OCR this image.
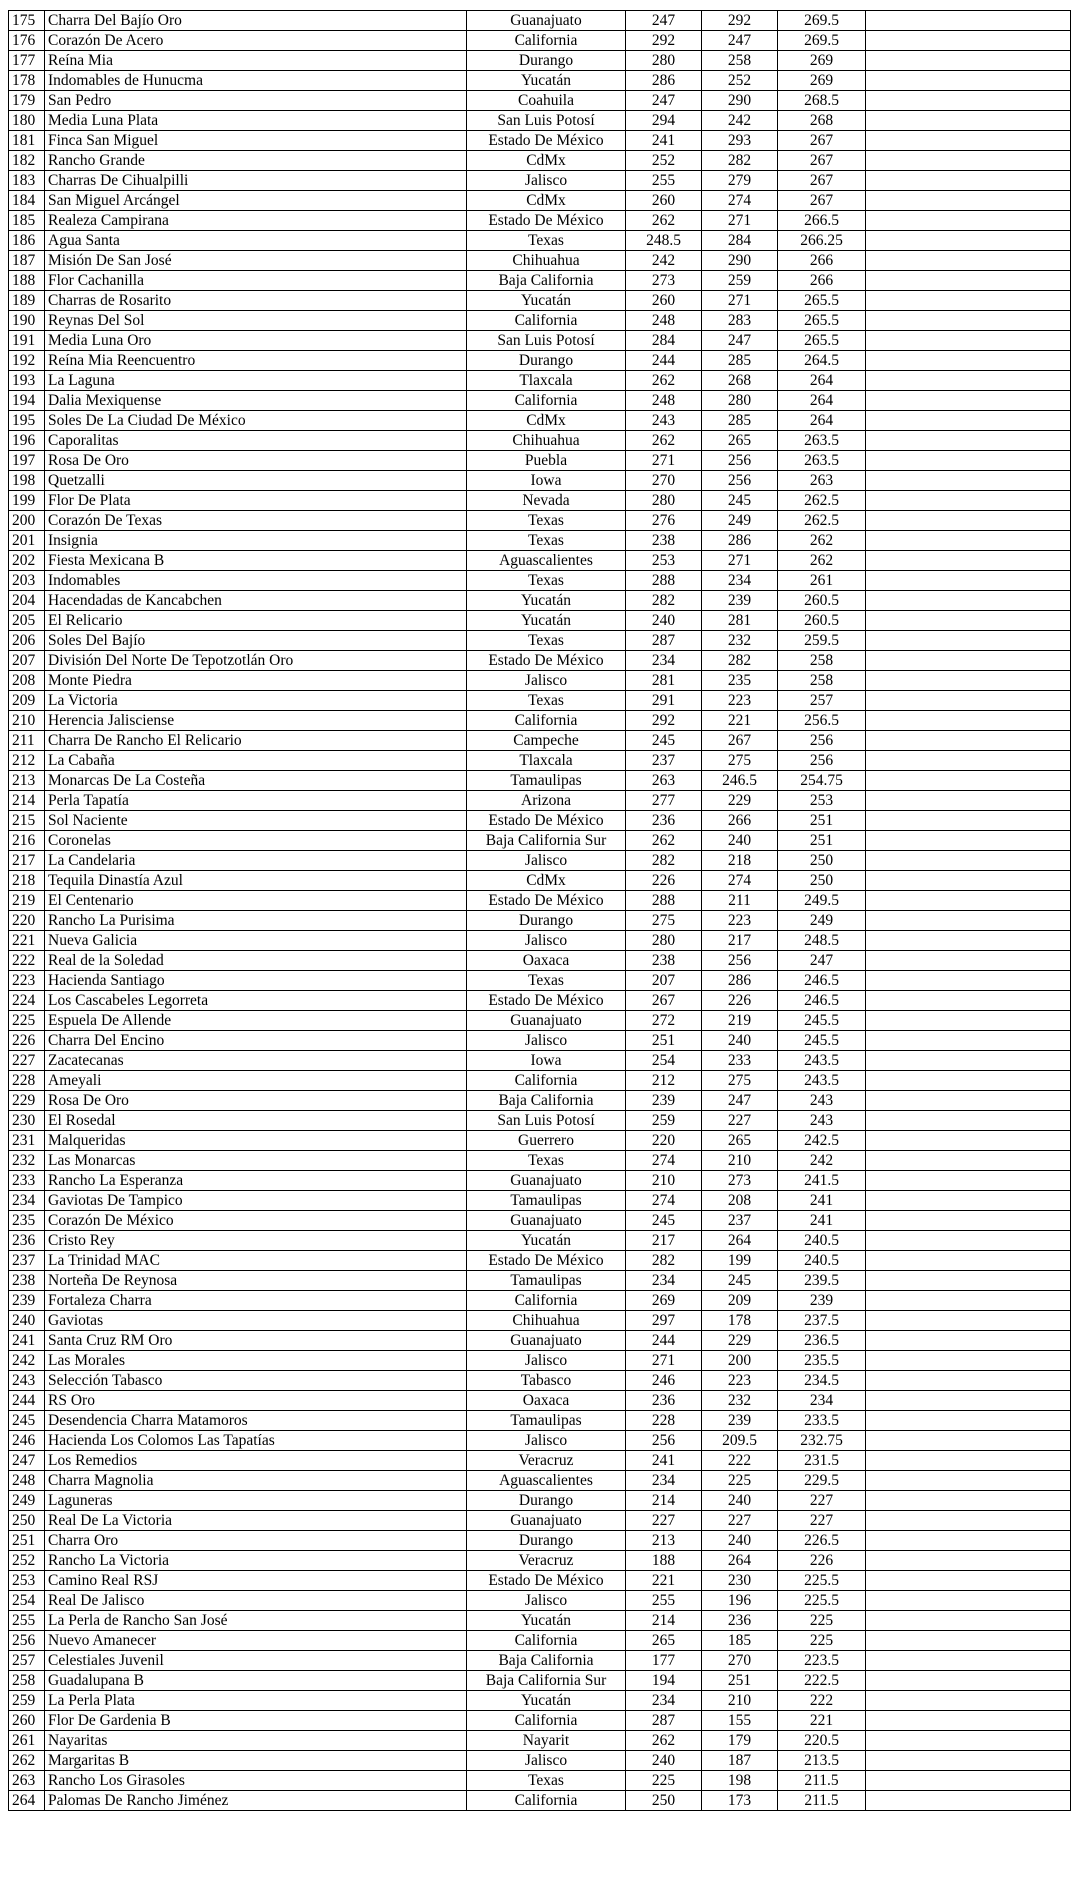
175	Charra Del Bajío Oro	Guanajuato	247	292	269.5	
176	Corazón De Acero	California	292	247	269.5	
177	Reína Mia	Durango	280	258	269	
178	Indomables de Hunucma	Yucatán	286	252	269	
179	San Pedro	Coahuila	247	290	268.5	
180	Media Luna Plata	San Luis Potosí	294	242	268	
181	Finca San Miguel	Estado De México	241	293	267	
182	Rancho Grande	CdMx	252	282	267	
183	Charras De Cihualpilli	Jalisco	255	279	267	
184	San Miguel Arcángel	CdMx	260	274	267	
185	Realeza Campirana	Estado De México	262	271	266.5	
186	Agua Santa	Texas	248.5	284	266.25	
187	Misión De San José	Chihuahua	242	290	266	
188	Flor Cachanilla	Baja California	273	259	266	
189	Charras de Rosarito	Yucatán	260	271	265.5	
190	Reynas Del Sol	California	248	283	265.5	
191	Media Luna Oro	San Luis Potosí	284	247	265.5	
192	Reína Mia Reencuentro	Durango	244	285	264.5	
193	La Laguna	Tlaxcala	262	268	264	
194	Dalia Mexiquense	California	248	280	264	
195	Soles De La Ciudad De México	CdMx	243	285	264	
196	Caporalitas	Chihuahua	262	265	263.5	
197	Rosa De Oro	Puebla	271	256	263.5	
198	Quetzalli	Iowa	270	256	263	
199	Flor De Plata	Nevada	280	245	262.5	
200	Corazón De Texas	Texas	276	249	262.5	
201	Insignia	Texas	238	286	262	
202	Fiesta Mexicana B	Aguascalientes	253	271	262	
203	Indomables	Texas	288	234	261	
204	Hacendadas de Kancabchen	Yucatán	282	239	260.5	
205	El Relicario	Yucatán	240	281	260.5	
206	Soles Del Bajío	Texas	287	232	259.5	
207	División Del Norte De Tepotzotlán Oro	Estado De México	234	282	258	
208	Monte Piedra	Jalisco	281	235	258	
209	La Victoria	Texas	291	223	257	
210	Herencia Jalisciense	California	292	221	256.5	
211	Charra De Rancho El Relicario	Campeche	245	267	256	
212	La Cabaña	Tlaxcala	237	275	256	
213	Monarcas De La Costeña	Tamaulipas	263	246.5	254.75	
214	Perla Tapatía	Arizona	277	229	253	
215	Sol Naciente	Estado De México	236	266	251	
216	Coronelas	Baja California Sur	262	240	251	
217	La Candelaria	Jalisco	282	218	250	
218	Tequila Dinastía Azul	CdMx	226	274	250	
219	El Centenario	Estado De México	288	211	249.5	
220	Rancho La Purisima	Durango	275	223	249	
221	Nueva Galicia	Jalisco	280	217	248.5	
222	Real de la Soledad	Oaxaca	238	256	247	
223	Hacienda Santiago	Texas	207	286	246.5	
224	Los Cascabeles Legorreta	Estado De México	267	226	246.5	
225	Espuela De Allende	Guanajuato	272	219	245.5	
226	Charra Del Encino	Jalisco	251	240	245.5	
227	Zacatecanas	Iowa	254	233	243.5	
228	Ameyali	California	212	275	243.5	
229	Rosa De Oro	Baja California	239	247	243	
230	El Rosedal	San Luis Potosí	259	227	243	
231	Malqueridas	Guerrero	220	265	242.5	
232	Las Monarcas	Texas	274	210	242	
233	Rancho La Esperanza	Guanajuato	210	273	241.5	
234	Gaviotas De Tampico	Tamaulipas	274	208	241	
235	Corazón De México	Guanajuato	245	237	241	
236	Cristo Rey	Yucatán	217	264	240.5	
237	La Trinidad MAC	Estado De México	282	199	240.5	
238	Norteña De Reynosa	Tamaulipas	234	245	239.5	
239	Fortaleza Charra	California	269	209	239	
240	Gaviotas	Chihuahua	297	178	237.5	
241	Santa Cruz RM Oro	Guanajuato	244	229	236.5	
242	Las Morales	Jalisco	271	200	235.5	
243	Selección Tabasco	Tabasco	246	223	234.5	
244	RS Oro	Oaxaca	236	232	234	
245	Desendencia Charra Matamoros	Tamaulipas	228	239	233.5	
246	Hacienda Los Colomos Las Tapatías	Jalisco	256	209.5	232.75	
247	Los Remedios	Veracruz	241	222	231.5	
248	Charra Magnolia	Aguascalientes	234	225	229.5	
249	Laguneras	Durango	214	240	227	
250	Real De La Victoria	Guanajuato	227	227	227	
251	Charra Oro	Durango	213	240	226.5	
252	Rancho La Victoria	Veracruz	188	264	226	
253	Camino Real RSJ	Estado De México	221	230	225.5	
254	Real De Jalisco	Jalisco	255	196	225.5	
255	La Perla de Rancho San José	Yucatán	214	236	225	
256	Nuevo Amanecer	California	265	185	225	
257	Celestiales Juvenil	Baja California	177	270	223.5	
258	Guadalupana B	Baja California Sur	194	251	222.5	
259	La Perla Plata	Yucatán	234	210	222	
260	Flor De Gardenia B	California	287	155	221	
261	Nayaritas	Nayarit	262	179	220.5	
262	Margaritas B	Jalisco	240	187	213.5	
263	Rancho Los Girasoles	Texas	225	198	211.5	
264	Palomas De Rancho Jiménez	California	250	173	211.5	
